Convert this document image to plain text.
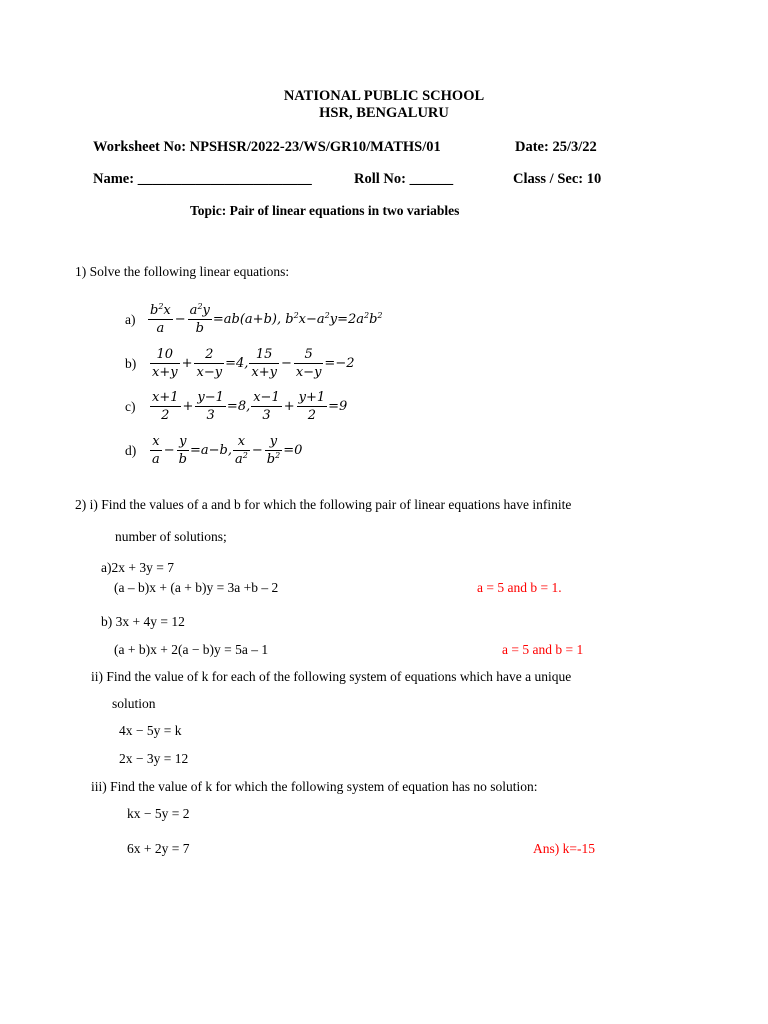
NATIONAL PUBLIC SCHOOL
HSR, BENGALURU
Worksheet No: NPSHSR/2022-23/WS/GR10/MATHS/01	Date: 25/3/22
Name: ________________________	Roll No: ______	Class / Sec: 10
Topic: Pair of linear equations in two variables
1) Solve the following linear equations:
$a) \frac{b^2x}{a} - \frac{a^2y}{b} =ab(a+b)$, $b^2x-a^2y=2a^2b^2$
b)	$\frac{10}{x+y} + \frac{2}{x-y} =4$, $\frac{15}{x+y} - \frac{5}{x-y} =-2$
c)	$\frac{x+1}{2} + \frac{y-1}{3} =8$, $\frac{x-1}{3} + \frac{y+1}{2} =9$
d)	$\frac{x}{a} - \frac{y}{b} =a-b$, $\frac{x}{a^2} - \frac{y}{b^2} =0$
2) i) Find the values of a and b for which the following pair of linear equations have infinite
number of solutions;
a)2x + 3y = 7
(a – b)x + (a + b)y = 3a +b – 2	a = 5 and b = 1.
b) 3x + 4y = 12
(a + b)x + 2(a − b)y = 5a – 1	a = 5 and b = 1
ii) Find the value of k for each of the following system of equations which have a unique
solution
4x − 5y = k
2x − 3y = 12
iii) Find the value of k for which the following system of equation has no solution:
kx − 5y = 2
6x + 2y = 7	Ans) k=-15
